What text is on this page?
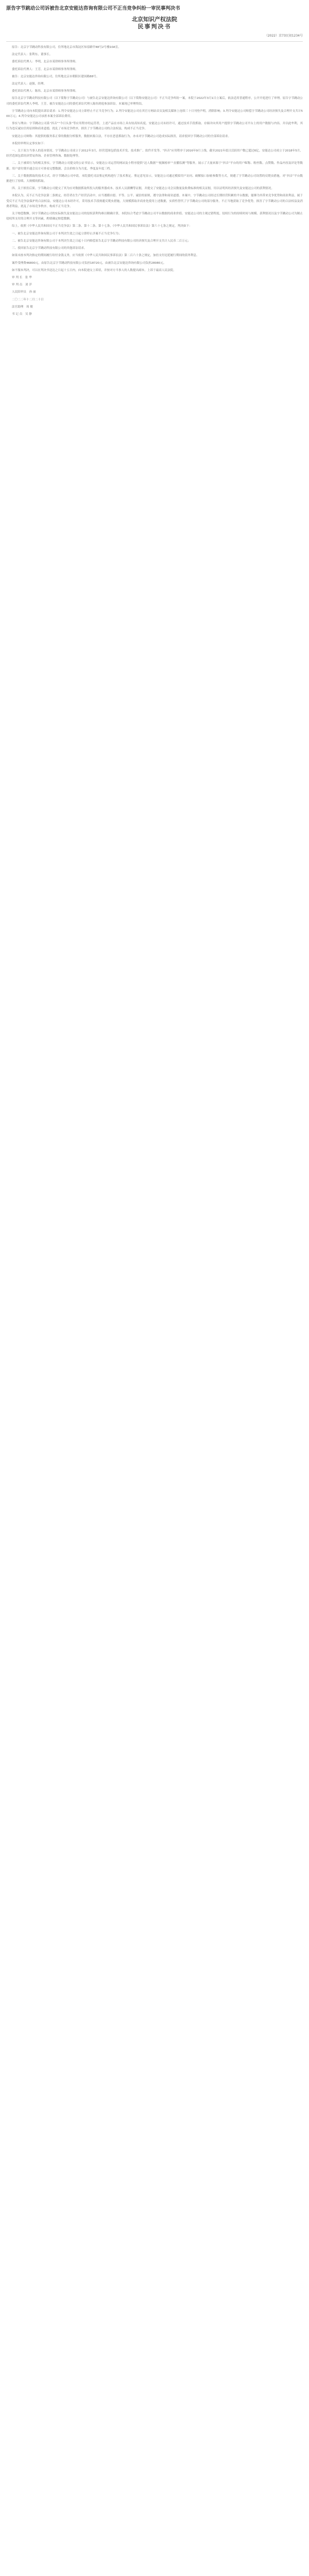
原告字节跳动公司诉被告北京安能达咨询有限公司不正当竞争纠纷一审民事判决书
北京知识产权法院
民事判决书
（2022）京73民初1234号

原告：北京字节跳动科技有限公司，住所地北京市海淀区知春路甲48号2号楼10A室。

法定代表人：张利东，董事长。

委托诉讼代理人：李明，北京市某律师事务所律师。

委托诉讼代理人：王芳，北京市某律师事务所律师。

被告：北京安能达咨询有限公司，住所地北京市朝阳区建国路88号。

法定代表人：赵强，经理。

委托诉讼代理人：陈伟，北京市某律师事务所律师。

原告北京字节跳动科技有限公司（以下简称字节跳动公司）与被告北京安能达咨询有限公司（以下简称安能达公司）不正当竞争纠纷一案，本院于2022年3月1日立案后，依法适用普通程序，公开开庭进行了审理。原告字节跳动公司的委托诉讼代理人李明、王芳，被告安能达公司的委托诉讼代理人陈伟到庭参加诉讼。本案现已审理终结。

字节跳动公司向本院提出诉讼请求：1.判令安能达公司立即停止不正当竞争行为；2.判令安能达公司在其官方网站首页及相关媒体上连续三十日刊登声明，消除影响；3.判令安能达公司赔偿字节跳动公司经济损失及合理开支共计500万元；4.判令安能达公司承担本案全部诉讼费用。

事实与理由：字节跳动公司系“抖音”“今日头条”等应用程序的运营者，上述产品在市场上具有较高知名度。安能达公司未经许可，通过技术手段抓取、存储并向其用户提供字节跳动公司平台上的用户数据与内容，并以此牟利，其行为违反诚实信用原则和商业道德，扰乱了市场竞争秩序，损害了字节跳动公司的合法权益，构成不正当竞争。

安能达公司辩称：其提供的服务系正常的数据分析服务，数据来源合法，不存在恶意抓取行为，亦未对字节跳动公司造成实际损害，请求驳回字节跳动公司的全部诉讼请求。

本院经审理认定事实如下：

一、关于双方当事人的基本情况。字节跳动公司成立于2012年3月，经营范围包括技术开发、技术推广、软件开发等。“抖音”应用程序于2016年9月上线，截至2021年底日活跃用户数已超过6亿。安能达公司成立于2018年5月，经营范围包括经济贸易咨询、企业管理咨询、数据处理等。

二、关于被诉行为的相关事实。字节跳动公司提交的公证书显示，安能达公司运营的网站及小程序提供“达人数据”“视频榜单”“直播监测”等服务，展示了大量来源于“抖音”平台的用户昵称、粉丝数、点赞数、作品内容及评论等数据。用户需付费开通会员方可查看完整数据，会员价格分为月度、季度及年度三档。

三、关于数据抓取的技术方式。经字节跳动公司申请，本院委托司法鉴定机构进行了技术鉴定。鉴定意见显示，安能达公司通过模拟用户访问、破解接口加密参数等方式，规避了字节跳动公司设置的反爬虫措施，对“抖音”平台数据进行了持续、大规模的抓取。

四、关于损害后果。字节跳动公司提交了其为应对数据抓取所投入的服务器成本、技术人员薪酬等证据，并提交了安能达公司会员数量及收费标准的相关证据，用以证明其经济损失及安能达公司的获利情况。

本院认为，反不正当竞争法第二条规定，经营者在生产经营活动中，应当遵循自愿、平等、公平、诚信的原则，遵守法律和商业道德。本案中，字节跳动公司经过长期经营积累的平台数据，能够为其带来竞争优势和商业利益，属于受反不正当竞争法保护的合法权益。安能达公司未经许可，采用技术手段规避反爬虫措施，大规模抓取并商业化使用上述数据，实质性替代了字节跳动公司的部分服务，不正当地获取了竞争优势，损害了字节跳动公司的合法权益及消费者利益，扰乱了市场竞争秩序，构成不正当竞争。

关于赔偿数额。因字节跳动公司的实际损失及安能达公司的侵权获利均难以精确计算，本院综合考虑字节跳动公司平台数据的商业价值、安能达公司的主观过错程度、侵权行为的持续时间与规模、获利情况以及字节跳动公司为制止侵权所支付的合理开支等因素，酌情确定赔偿数额。

综上，依照《中华人民共和国反不正当竞争法》第二条、第十二条、第十七条，《中华人民共和国民事诉讼法》第六十七条之规定，判决如下：

一、被告北京安能达咨询有限公司于本判决生效之日起立即停止涉案不正当竞争行为；

二、被告北京安能达咨询有限公司于本判决生效之日起十日内赔偿原告北京字节跳动科技有限公司经济损失及合理开支共计人民币二百万元；

三、驳回原告北京字节跳动科技有限公司的其他诉讼请求。

如果未按本判决指定的期间履行给付金钱义务，应当依照《中华人民共和国民事诉讼法》第二百六十条之规定，加倍支付迟延履行期间的债务利息。

案件受理费46800元，由原告北京字节跳动科技有限公司负担18720元，由被告北京安能达咨询有限公司负担28080元。

如不服本判决，可以在判决书送达之日起十五日内，向本院递交上诉状，并按对方当事人的人数提出副本，上诉于最高人民法院。

审 判 长　张 华

审 判 员　刘 洋

人民陪审员　孙 丽

二〇二二年十二月二十日

法官助理　周 敏

书 记 员　吴 静
